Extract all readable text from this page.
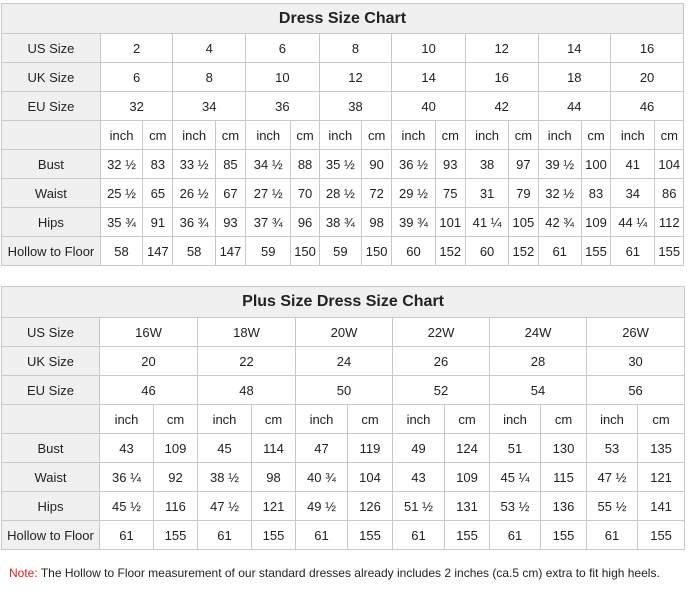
Dress Size Chart																
US Size	2		4		6		8		10		12		14		16	
UK Size	6		8		10		12		14		16		18		20	
EU Size	32		34		36		38		40		42		44		46	
	inch	cm	inch	cm	inch	cm	inch	cm	inch	cm	inch	cm	inch	cm	inch	cm
Bust	32 ½	83	33 ½	85	34 ½	88	35 ½	90	36 ½	93	38	97	39 ½	100	41	104
Waist	25 ½	65	26 ½	67	27 ½	70	28 ½	72	29 ½	75	31	79	32 ½	83	34	86
Hips	35 ¾	91	36 ¾	93	37 ¾	96	38 ¾	98	39 ¾	101	41 ¼	105	42 ¾	109	44 ¼	112
Hollow to Floor	58	147	58	147	59	150	59	150	60	152	60	152	61	155	61	155
Plus Size Dress Size Chart												
US Size	16W		18W		20W		22W		24W		26W	
UK Size	20		22		24		26		28		30	
EU Size	46		48		50		52		54		56	
	inch	cm	inch	cm	inch	cm	inch	cm	inch	cm	inch	cm
Bust	43	109	45	114	47	119	49	124	51	130	53	135
Waist	36 ¼	92	38 ½	98	40 ¾	104	43	109	45 ¼	115	47 ½	121
Hips	45 ½	116	47 ½	121	49 ½	126	51 ½	131	53 ½	136	55 ½	141
Hollow to Floor	61	155	61	155	61	155	61	155	61	155	61	155
Note: The Hollow to Floor measurement of our standard dresses already includes 2 inches (ca.5 cm) extra to fit high heels.
